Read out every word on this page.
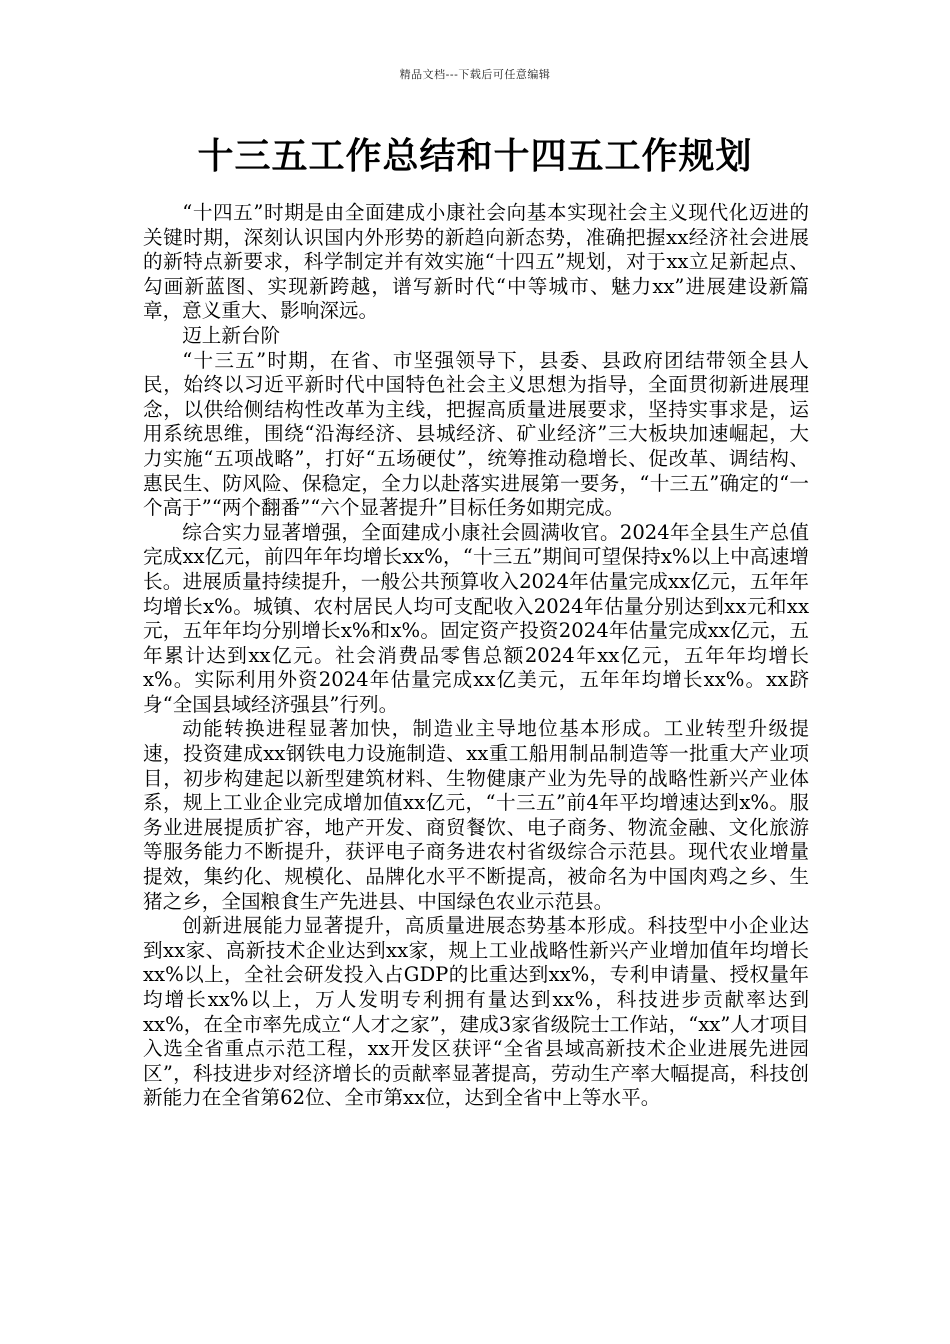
精品文档---下载后可任意编辑
十三五工作总结和十四五工作规划

“十四五”时期是由全面建成小康社会向基本实现社会主义现代化迈进的关键时期，深刻认识国内外形势的新趋向新态势，准确把握xx经济社会进展的新特点新要求，科学制定并有效实施“十四五”规划，对于xx立足新起点、勾画新蓝图、实现新跨越，谱写新时代“中等城市、魅力xx”进展建设新篇章，意义重大、影响深远。

迈上新台阶

“十三五”时期，在省、市坚强领导下，县委、县政府团结带领全县人民，始终以习近平新时代中国特色社会主义思想为指导，全面贯彻新进展理念，以供给侧结构性改革为主线，把握高质量进展要求，坚持实事求是，运用系统思维，围绕“沿海经济、县城经济、矿业经济”三大板块加速崛起，大力实施“五项战略”，打好“五场硬仗”，统筹推动稳增长、促改革、调结构、惠民生、防风险、保稳定，全力以赴落实进展第一要务，“十三五”确定的“一个高于”“两个翻番”“六个显著提升”目标任务如期完成。

综合实力显著增强，全面建成小康社会圆满收官。2024年全县生产总值完成xx亿元，前四年年均增长xx%，“十三五”期间可望保持x%以上中高速增长。进展质量持续提升，一般公共预算收入2024年估量完成xx亿元，五年年均增长x%。城镇、农村居民人均可支配收入2024年估量分别达到xx元和xx元，五年年均分别增长x%和x%。固定资产投资2024年估量完成xx亿元，五年累计达到xx亿元。社会消费品零售总额2024年xx亿元，五年年均增长x%。实际利用外资2024年估量完成xx亿美元，五年年均增长xx%。xx跻身“全国县域经济强县”行列。

动能转换进程显著加快，制造业主导地位基本形成。工业转型升级提速，投资建成xx钢铁电力设施制造、xx重工船用制品制造等一批重大产业项目，初步构建起以新型建筑材料、生物健康产业为先导的战略性新兴产业体系，规上工业企业完成增加值xx亿元，“十三五”前4年平均增速达到x%。服务业进展提质扩容，地产开发、商贸餐饮、电子商务、物流金融、文化旅游等服务能力不断提升，获评电子商务进农村省级综合示范县。现代农业增量提效，集约化、规模化、品牌化水平不断提高，被命名为中国肉鸡之乡、生猪之乡，全国粮食生产先进县、中国绿色农业示范县。

创新进展能力显著提升，高质量进展态势基本形成。科技型中小企业达到xx家、高新技术企业达到xx家，规上工业战略性新兴产业增加值年均增长xx%以上，全社会研发投入占GDP的比重达到xx%，专利申请量、授权量年均增长xx%以上，万人发明专利拥有量达到xx%，科技进步贡献率达到xx%，在全市率先成立“人才之家”，建成3家省级院士工作站，“xx”人才项目入选全省重点示范工程，xx开发区获评“全省县域高新技术企业进展先进园区”，科技进步对经济增长的贡献率显著提高，劳动生产率大幅提高，科技创新能力在全省第62位、全市第xx位，达到全省中上等水平。
